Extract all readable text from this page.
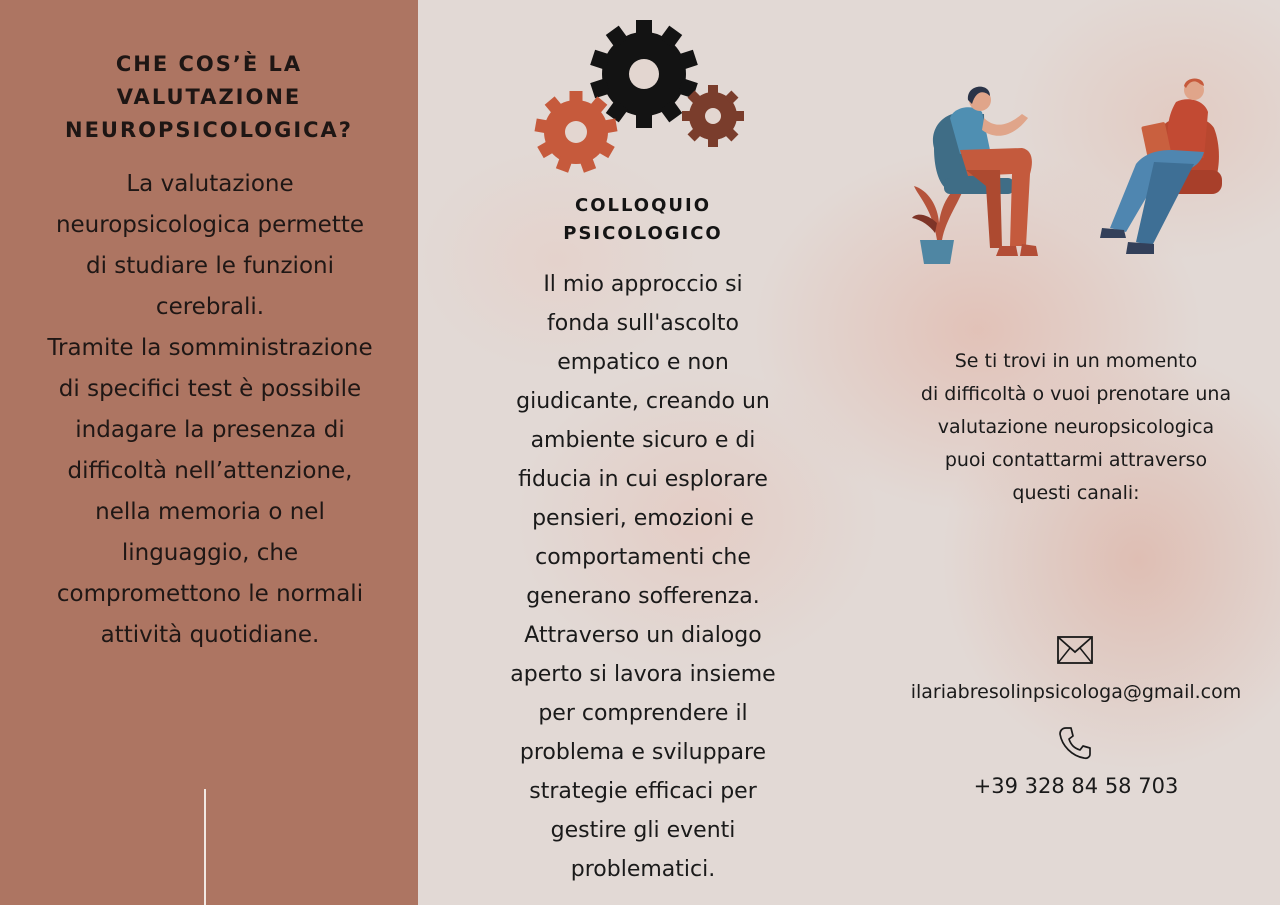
CHE COS’È LA
VALUTAZIONE
NEUROPSICOLOGICA?
La valutazione
neuropsicologica permette
di studiare le funzioni
cerebrali.
Tramite la somministrazione
di specifici test è possibile
indagare la presenza di
difficoltà nell’attenzione,
nella memoria o nel
linguaggio, che
compromettono le normali
attività quotidiane.
COLLOQUIO
PSICOLOGICO
Il mio approccio si
fonda sull'ascolto
empatico e non
giudicante, creando un
ambiente sicuro e di
fiducia in cui esplorare
pensieri, emozioni e
comportamenti che
generano sofferenza.
Attraverso un dialogo
aperto si lavora insieme
per comprendere il
problema e sviluppare
strategie efficaci per
gestire gli eventi
problematici.
Se ti trovi in un momento
di difficoltà o vuoi prenotare una
valutazione neuropsicologica
puoi contattarmi attraverso
questi canali:
ilariabresolinpsicologa@gmail.com
+39 328 84 58 703
